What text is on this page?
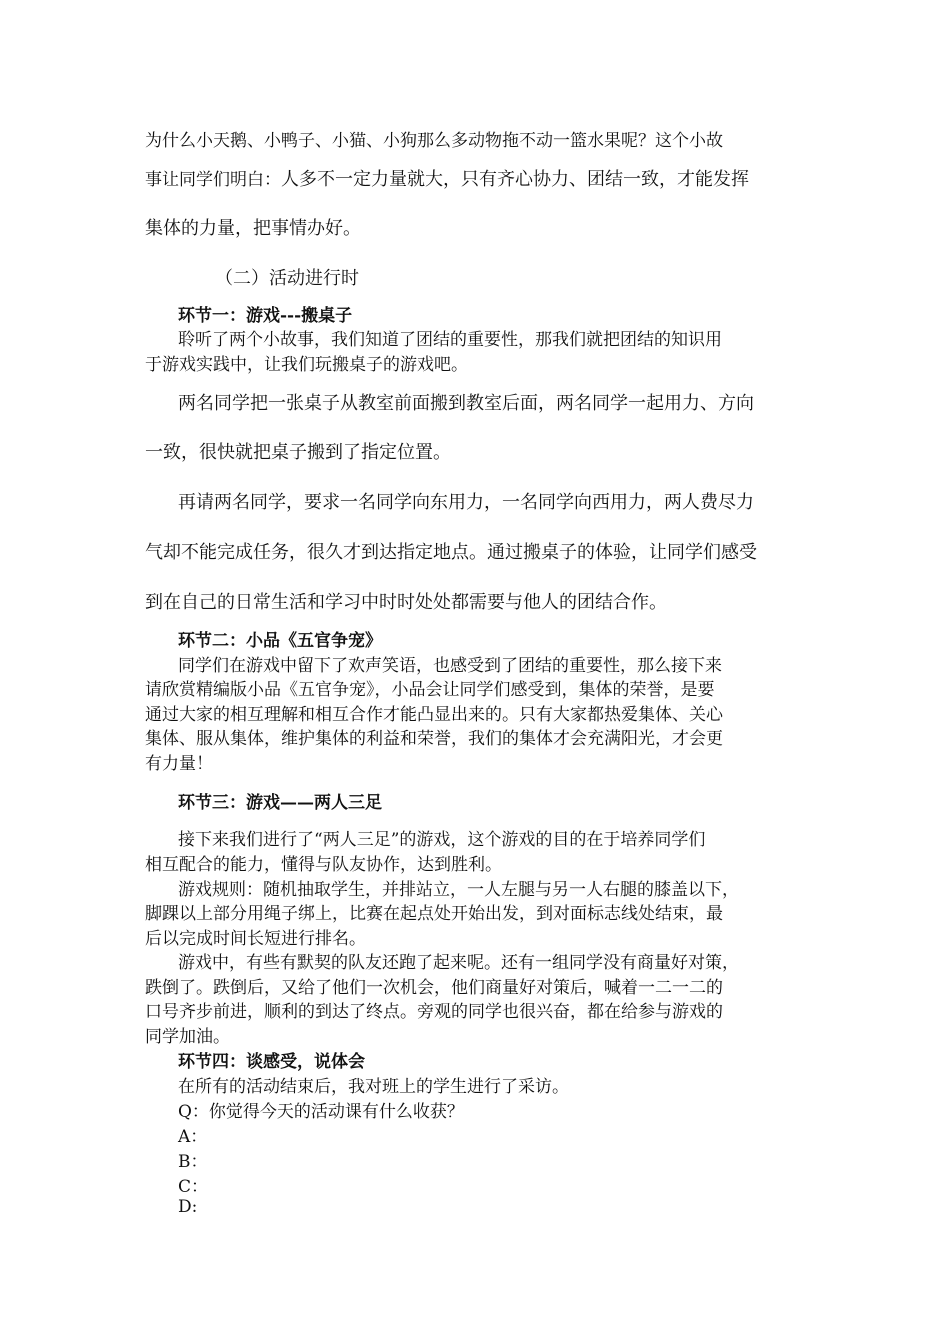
为什么小天鹅、小鸭子、小猫、小狗那么多动物拖不动一篮水果呢？这个小故
事让同学们明白：人多不一定力量就大，只有齐心协力、团结一致，才能发挥
集体的力量，把事情办好。
（二）活动进行时
环节一：游戏---搬桌子
聆听了两个小故事，我们知道了团结的重要性，那我们就把团结的知识用
于游戏实践中，让我们玩搬桌子的游戏吧。
两名同学把一张桌子从教室前面搬到教室后面，两名同学一起用力、方向
一致，很快就把桌子搬到了指定位置。
再请两名同学，要求一名同学向东用力，一名同学向西用力，两人费尽力
气却不能完成任务，很久才到达指定地点。通过搬桌子的体验，让同学们感受
到在自己的日常生活和学习中时时处处都需要与他人的团结合作。
环节二：小品《五官争宠》
同学们在游戏中留下了欢声笑语，也感受到了团结的重要性，那么接下来
请欣赏精编版小品《五官争宠》，小品会让同学们感受到，集体的荣誉，是要
通过大家的相互理解和相互合作才能凸显出来的。只有大家都热爱集体、关心
集体、服从集体，维护集体的利益和荣誉，我们的集体才会充满阳光，才会更
有力量！
环节三：游戏——两人三足
接下来我们进行了“两人三足”的游戏，这个游戏的目的在于培养同学们
相互配合的能力，懂得与队友协作，达到胜利。
游戏规则：随机抽取学生，并排站立，一人左腿与另一人右腿的膝盖以下，
脚踝以上部分用绳子绑上，比赛在起点处开始出发，到对面标志线处结束，最
后以完成时间长短进行排名。
游戏中，有些有默契的队友还跑了起来呢。还有一组同学没有商量好对策，
跌倒了。跌倒后，又给了他们一次机会，他们商量好对策后，喊着一二一二的
口号齐步前进，顺利的到达了终点。旁观的同学也很兴奋，都在给参与游戏的
同学加油。
环节四：谈感受，说体会
在所有的活动结束后，我对班上的学生进行了采访。
Q：你觉得今天的活动课有什么收获？
A：
B：
C：
D:
